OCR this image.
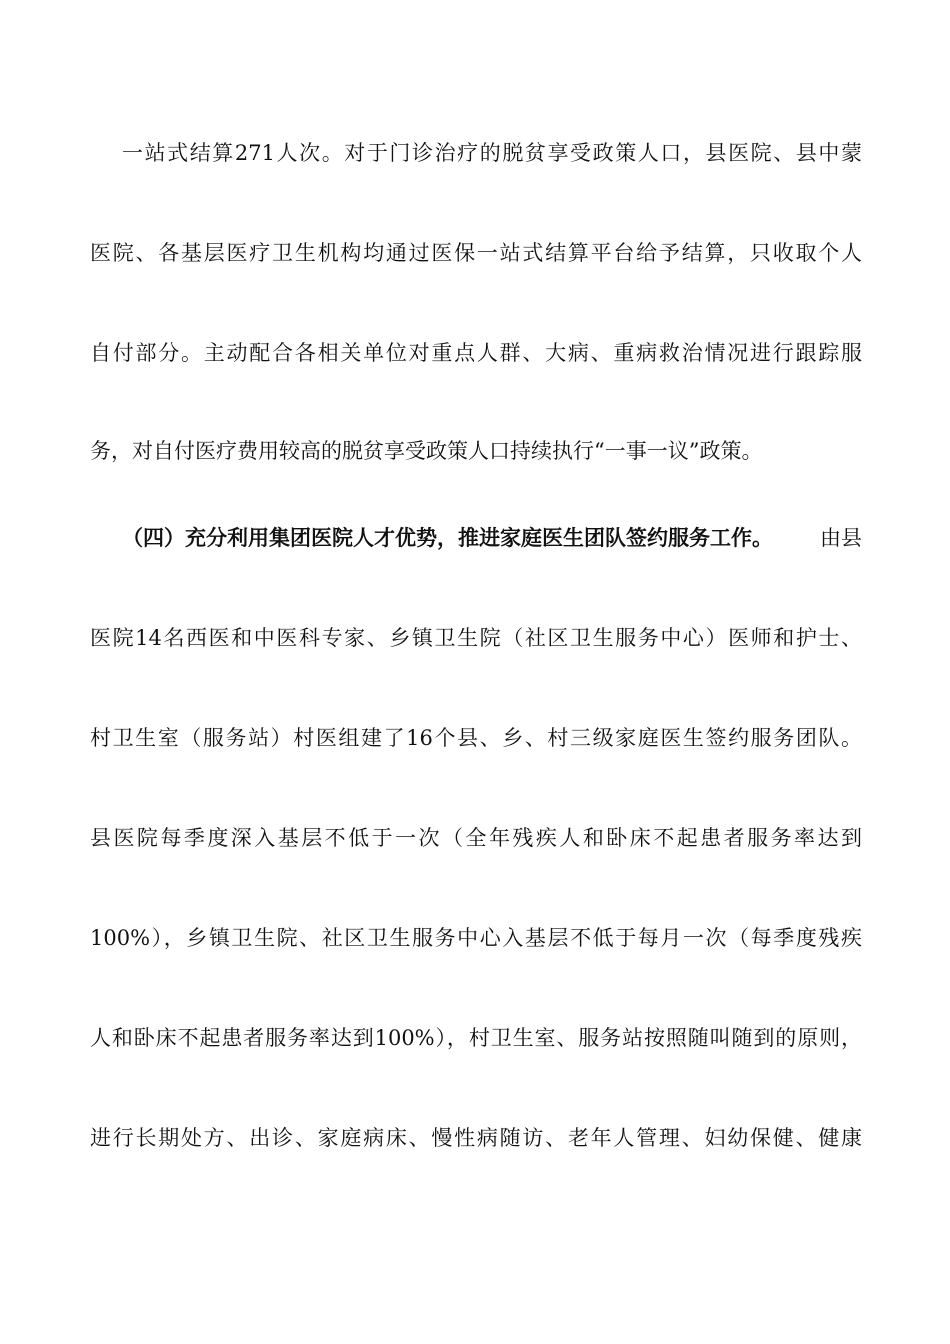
一站式结算271人次。对于门诊治疗的脱贫享受政策人口，县医院、县中蒙
医院、各基层医疗卫生机构均通过医保一站式结算平台给予结算，只收取个人
自付部分。主动配合各相关单位对重点人群、大病、重病救治情况进行跟踪服
务，对自付医疗费用较高的脱贫享受政策人口持续执行“一事一议”政策。
（四）充分利用集团医院人才优势，推进家庭医生团队签约服务工作。 由县
医院14名西医和中医科专家、乡镇卫生院（社区卫生服务中心）医师和护士、
村卫生室（服务站）村医组建了16个县、乡、村三级家庭医生签约服务团队。
县医院每季度深入基层不低于一次（全年残疾人和卧床不起患者服务率达到
100%），乡镇卫生院、社区卫生服务中心入基层不低于每月一次（每季度残疾
人和卧床不起患者服务率达到100%），村卫生室、服务站按照随叫随到的原则，
进行长期处方、出诊、家庭病床、慢性病随访、老年人管理、妇幼保健、健康
